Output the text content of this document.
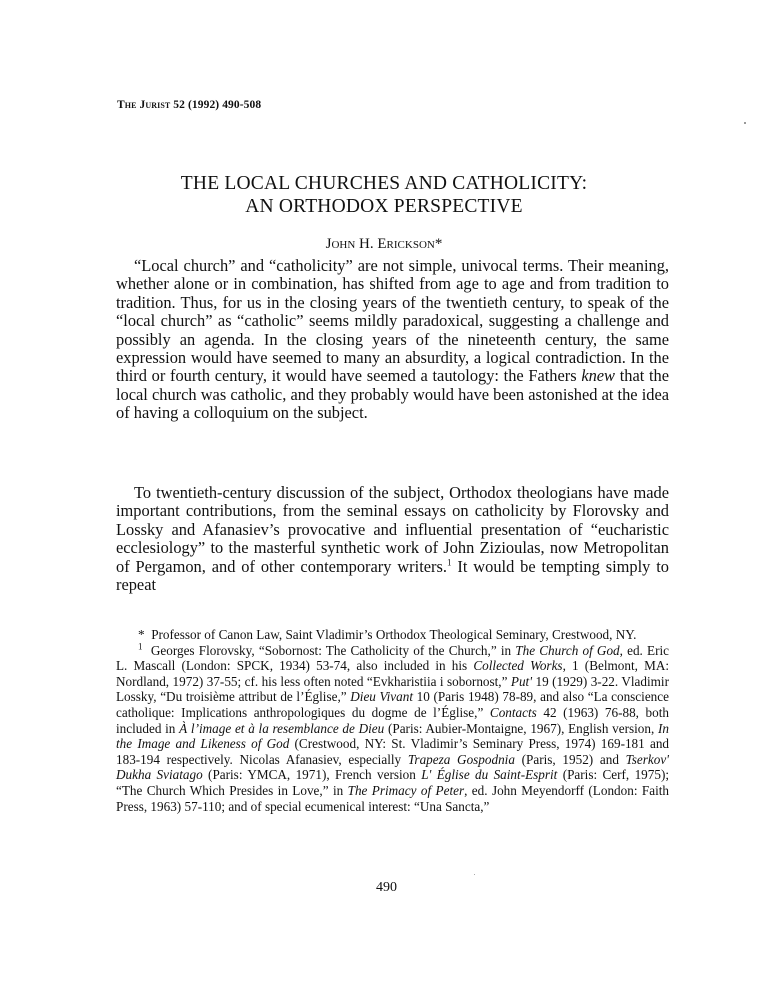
The Jurist 52 (1992) 490-508
THE LOCAL CHURCHES AND CATHOLICITY:
AN ORTHODOX PERSPECTIVE
John H. Erickson*

“Local church” and “catholicity” are not simple, univocal terms. Their meaning, whether alone or in combination, has shifted from age to age and from tradition to tradition. Thus, for us in the closing years of the twentieth century, to speak of the “local church” as “catholic” seems mildly paradoxical, suggesting a challenge and possibly an agenda. In the closing years of the nineteenth century, the same expression would have seemed to many an absurdity, a logical contradiction. In the third or fourth century, it would have seemed a tautology: the Fathers knew that the local church was catholic, and they probably would have been astonished at the idea of having a colloquium on the subject.

To twentieth-century discussion of the subject, Orthodox theologians have made important contributions, from the seminal essays on catholicity by Florovsky and Lossky and Afanasiev’s provocative and influential presentation of “eucharistic ecclesiology” to the masterful synthetic work of John Zizioulas, now Metropolitan of Pergamon, and of other contemporary writers.$^1$ It would be tempting simply to repeat

* Professor of Canon Law, Saint Vladimir’s Orthodox Theological Seminary, Crestwood, NY.

$^1$ Georges Florovsky, “Sobornost: The Catholicity of the Church,” in The Church of God, ed. Eric L. Mascall (London: SPCK, 1934) 53-74, also included in his Collected Works, 1 (Belmont, MA: Nordland, 1972) 37-55; cf. his less often noted “Evkharistiia i sobornost,” Put' 19 (1929) 3-22. Vladimir Lossky, “Du troisième attribut de l’Église,” Dieu Vivant 10 (Paris 1948) 78-89, and also “La conscience catholique: Implications anthropologiques du dogme de l’Église,” Contacts 42 (1963) 76-88, both included in À l’image et à la resemblance de Dieu (Paris: Aubier-Montaigne, 1967), English version, In the Image and Likeness of God (Crestwood, NY: St. Vladimir’s Seminary Press, 1974) 169-181 and 183-194 respectively. Nicolas Afanasiev, especially Trapeza Gospodnia (Paris, 1952) and Tserkov' Dukha Sviatago (Paris: YMCA, 1971), French version L' Église du Saint-Esprit (Paris: Cerf, 1975); “The Church Which Presides in Love,” in The Primacy of Peter, ed. John Meyendorff (London: Faith Press, 1963) 57-110; and of special ecumenical interest: “Una Sancta,”

490
